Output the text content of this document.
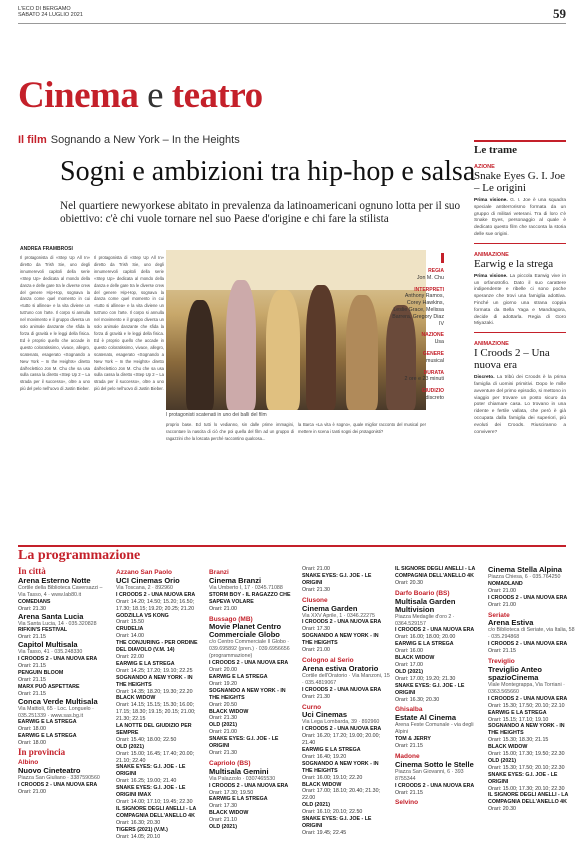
L'ECO DI BERGAMO
SABATO 24 LUGLIO 2021	59
Cinema e teatro
Il film Sognando a New York – In the Heights
Sogni e ambizioni tra hip-hop e salsa
Nel quartiere newyorkese abitato in prevalenza da latinoamericani ognuno lotta per il suo obiettivo: c'è chi vuole tornare nel suo Paese d'origine e chi fare la stilista
ANDREA FRAMBROSI
Il protagonista di «Step Up All In» diretto da Trish Sie, uno degli innumerevoli capitoli della serie «Step Up» dedicata al mondo della danza e delle gare tra le diverse crew del genere Hip-Hop, sognava la danza come quel momento in cui «tutto si allinea» e la vita diviene un tutt'uno con l'arte. Il corpo si annulla nel movimento e il gruppo diventa un solo animale danzante che sfida la forza di gravità e le leggi della fisica. Ed è proprio quello che accade in questo coloratissimo, vivace, allegro, scatenato, esagerato «Sognando a New York – In the Heights» diretto dall'eclettico Jon M. Chu che sa usa sulla cassa la diretto «Step Up 2 – La strada per il successo», oltre a uno più del pelo nell'uovo di Justin Bieber.
Il protagonista di «Step Up All In» diretto da Trish Sie, uno degli innumerevoli capitoli della serie «Step Up» dedicata al mondo della danza e delle gare tra le diverse crew del genere Hip-Hop, sognava la danza come quel momento in cui «tutto si allinea» e la vita diviene un tutt'uno con l'arte. Il corpo si annulla nel movimento e il gruppo diventa un solo animale danzante che sfida la forza di gravità e le leggi della fisica. Ed è proprio quello che accade in questo coloratissimo, vivace, allegro, scatenato, esagerato «Sognando a New York – In the Heights» diretto dall'eclettico Jon M. Chu che sa usa sulla cassa la diretto «Step Up 2 – La strada per il successo», oltre a uno più del pelo nell'uovo di Justin Bieber.
proprio base. Ed tutti lo vedianno, sin dalle prime immagini, raccontare la nascita di ciò che poi quella del film ad un gruppo di ragazzini che la loscata perché raccontino qualcosa...
la Barca «La vita è sogno», quale miglior racconto del musical per mettere in scena i tanti sogni dei protagonisti?
I protagonisti scatenati in uno dei balli del film
REGIA
Jon M. Chu
INTERPRETI
Anthony Ramos, Corey Hawkins, Leslie Grace, Melissa Barrera, Gregory Diaz IV
NAZIONE
Usa
GENERE
musical
DURATA
2 ore e 23 minuti
GIUDIZIO
discreto
Le trame
AZIONE
Snake Eyes G. I. Joe – Le origini
Prima visione. G. I. Joe è una squadra speciale antiterrorismo formata da un gruppo di militari veterani. Tra di loro c'è Snake Eyes, personaggio al quale è dedicato questo film che racconta la storia delle sue origini.
ANIMAZIONE
Earwig e la strega
Prima visione. La piccola Earwig vive in un orfanotrofio. Dato il suo carattere indipendente e ribelle ci sono poche speranze che trovi una famiglia adottiva. Finché un giorno una strana coppia formata da Bella Yaga e Mandragora, decide di adottarla. Regia di Goro Miyazaki.
ANIMAZIONE
I Croods 2 – Una nuova era
Discreto. La tribù dei Croods è la prima famiglia di uomini primitivi. Dopo le mille avventure del primo episodio, si mettono in viaggio per trovare un posto sicuro da poter chiamare casa. Lo trovano in una ridente e fertile vallata, che però è già occupata dalla famiglia dei superiori, più evoluti dei Croods. Riusciranno a convivere?
La programmazione
In città
Arena Esterno Notte
Cortile della Biblioteca Caversazzi – Via Tasso, 4 · www.lab80.it
COMEDIANS
Orari: 21.30
Arena Santa Lucia
Via Santa Lucia, 14 · 035.320828
RIFKIN'S FESTIVAL
Orari: 21.15
Capitol Multisala
Via Tasso, 41 · 035.248330
I CROODS 2 - UNA NUOVA ERA
Orari: 21.15
PENGUIN BLOOM
Orari: 21.15
MARX PUÒ ASPETTARE
Orari: 21.15
Conca Verde Multisala
Via Mattioli, 65 · Loc. Longuelo · 035.251339 · www.sas.bg.it
EARWIG E LA STREGA
Orari: 18.00
EARWIG E LA STREGA
Orari: 18.00
In provincia
Albino
Nuovo Cineteatro
Piazza San Giuliano · 3387590560
I CROODS 2 - UNA NUOVA ERA
Orari: 21.00
Azzano San Paolo
UCI Cinemas Orio
Via Toscana, 2 · 892960
I CROODS 2 - UNA NUOVA ERA
Orari: 14.20; 14.50; 15.20; 16.50; 17.30; 18.15; 19.20; 20.25; 21.20
GODZILLA VS KONG
Orari: 15.50
CRUDELIA
Orari: 14.00
THE CONJURING - PER ORDINE DEL DIAVOLO (V.M. 14)
Orari: 22.00
EARWIG E LA STREGA
Orari: 14.25; 17.20; 19.10; 22.25
SOGNANDO A NEW YORK - IN THE HEIGHTS
Orari: 14.35; 18.20; 19.30; 22.20
BLACK WIDOW
Orari: 14.15; 15.15; 15.30; 16.00; 17.15; 18.30; 19.15; 20.15; 21.00; 21.30; 22.15
LA NOTTE DEL GIUDIZIO PER SEMPRE
Orari: 15.40; 18.00; 22.50
OLD (2021)
Orari: 15.00; 16.45; 17.40; 20.00; 21.10; 22.40
SNAKE EYES: G.I. JOE - LE ORIGINI
Orari: 16.25; 19.00; 21.40
SNAKE EYES: G.I. JOE - LE ORIGINI IMAX
Orari: 14.00; 17.10; 19.45; 22.30
IL SIGNORE DEGLI ANELLI - LA COMPAGNIA DELL'ANELLO 4K
Orari: 16.30; 20.30
TIGERS (2021) (V.M.)
Orari: 14.05; 20.10
Branzi
Cinema Branzi
Via Umberto I, 17 · 0345.71088
STORM BOY - IL RAGAZZO CHE SAPEVA VOLARE
Orari: 21.00
Bussago (MB)
Movie Planet Centro Commerciale Globo
c/o Centro Commerciale Il Globo · 039.695892 (pren.) · 039.6956656 (programmazione)
I CROODS 2 - UNA NUOVA ERA
Orari: 20.00
EARWIG E LA STREGA
Orari: 19.20
SOGNANDO A NEW YORK - IN THE HEIGHTS
Orari: 20.50
BLACK WIDOW
Orari: 21.30
OLD (2021)
Orari: 21.00
SNAKE EYES: G.I. JOE - LE ORIGINI
Orari: 21.30
Capriolo (BS)
Multisala Gemini
Via Palazzolo · 0307465530
I CROODS 2 - UNA NUOVA ERA
Orari: 17.30; 19.50
EARWIG E LA STREGA
Orari: 17.30
BLACK WIDOW
Orari: 21.10
OLD (2021)
Orari: 21.00
SNAKE EYES: G.I. JOE - LE ORIGINI
Orari: 21.30
Clusone
Cinema Garden
Via XXV Aprile, 1 · 0346.22275
I CROODS 2 - UNA NUOVA ERA
Orari: 17.30
SOGNANDO A NEW YORK - IN THE HEIGHTS
Orari: 21.00
Cologno al Serio
Arena estiva Oratorio
Cortile dell'Oratorio · Via Manzoni, 15 · 035.4819067
I CROODS 2 - UNA NUOVA ERA
Orari: 21.30
Curno
Uci Cinemas
Via Lega Lombarda, 39 · 892960
I CROODS 2 - UNA NUOVA ERA
Orari: 16.20; 17.20; 19.00; 20.00; 21.40
EARWIG E LA STREGA
Orari: 16.40; 19.20
SOGNANDO A NEW YORK - IN THE HEIGHTS
Orari: 16.00; 19.10; 22.20
BLACK WIDOW
Orari: 17.00; 18.10; 20.40; 21.30; 22.00
OLD (2021)
Orari: 16.10; 20.10; 22.50
SNAKE EYES: G.I. JOE - LE ORIGINI
Orari: 19.45; 22.45
IL SIGNORE DEGLI ANELLI - LA COMPAGNIA DELL'ANELLO 4K
Orari: 20.30
Darfo Boario (BS)
Multisala Garden Multivision
Piazza Medaglie d'oro 2 · 0364.529157
I CROODS 2 - UNA NUOVA ERA
Orari: 16.00; 18.00; 20.00
EARWIG E LA STREGA
Orari: 16.00
BLACK WIDOW
Orari: 17.00
OLD (2021)
Orari: 17.00; 19.20; 21.30
SNAKE EYES: G.I. JOE - LE ORIGINI
Orari: 16.30; 20.30
Ghisalba
Estate Al Cinema
Arena Feste Comunale - via degli Alpini
TOM & JERRY
Orari: 21.15
Madone
Cinema Sotto le Stelle
Piazza San Giovanni, 6 · 393 8755344
I CROODS 2 - UNA NUOVA ERA
Orari: 21.15
Selvino
Cinema Stella Alpina
Piazza Chiesa, 6 · 035.764250
NOMADLAND
Orari: 21.00
I CROODS 2 - UNA NUOVA ERA
Orari: 21.00
Seriate
Arena Estiva
c/o Biblioteca di Seriate, via Italia, 58 · 035.294868
I CROODS 2 - UNA NUOVA ERA
Orari: 21.15
Treviglio
Treviglio Anteo spazioCinema
Viale Montegrappa, Via Torriani · 0363.565660
I CROODS 2 - UNA NUOVA ERA
Orari: 15.30; 17.50; 20.10; 22.10
EARWIG E LA STREGA
Orari: 15.15; 17.10; 19.10
SOGNANDO A NEW YORK - IN THE HEIGHTS
Orari: 15.30; 18.30; 21.15
BLACK WIDOW
Orari: 15.00; 17.30; 19.50; 22.30
OLD (2021)
Orari: 15.30; 17.50; 20.10; 22.30
SNAKE EYES: G.I. JOE - LE ORIGINI
Orari: 15.00; 17.30; 20.10; 22.30
IL SIGNORE DEGLI ANELLI - LA COMPAGNIA DELL'ANELLO 4K
Orari: 20.30
